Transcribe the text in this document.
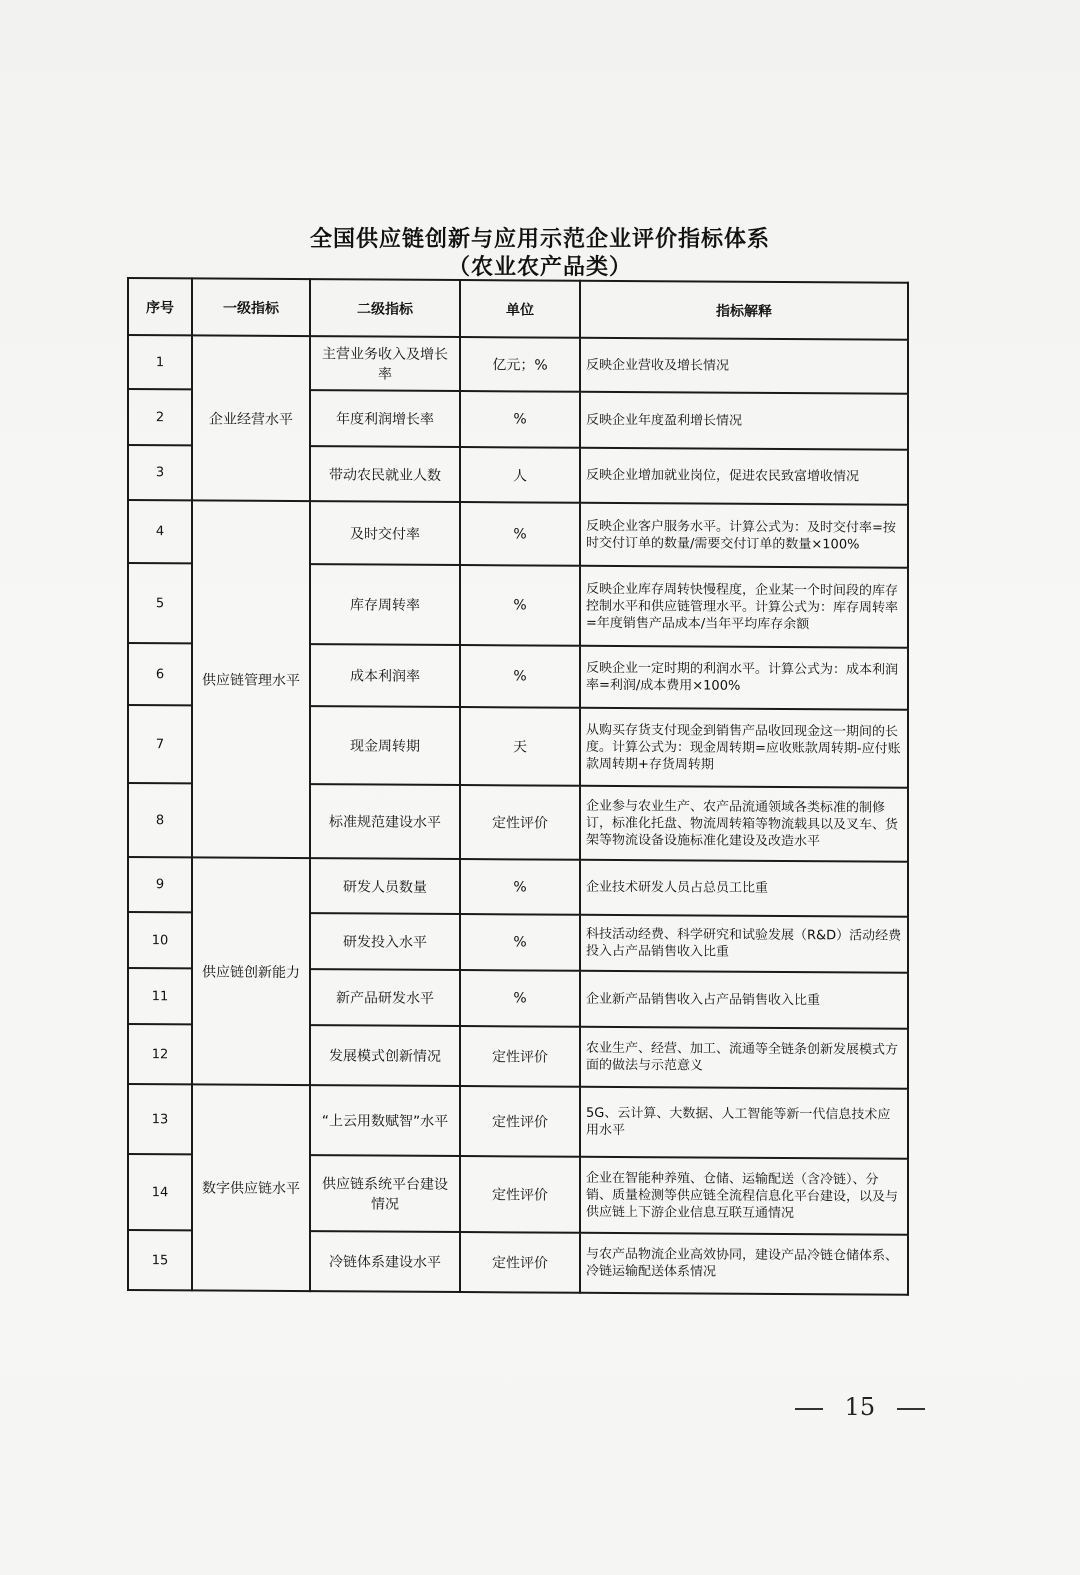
全国供应链创新与应用示范企业评价指标体系
（农业农产品类）
序号	一级指标	二级指标	单位	指标解释
1	企业经营水平	主营业务收入及增长率	亿元；%	反映企业营收及增长情况
2		年度利润增长率	%	反映企业年度盈利增长情况
3		带动农民就业人数	人	反映企业增加就业岗位，促进农民致富增收情况
4	供应链管理水平	及时交付率	%	反映企业客户服务水平。计算公式为：及时交付率=按时交付订单的数量/需要交付订单的数量×100%
5		库存周转率	%	反映企业库存周转快慢程度，企业某一个时间段的库存控制水平和供应链管理水平。计算公式为：库存周转率=年度销售产品成本/当年平均库存余额
6		成本利润率	%	反映企业一定时期的利润水平。计算公式为：成本利润率=利润/成本费用×100%
7		现金周转期	天	从购买存货支付现金到销售产品收回现金这一期间的长度。计算公式为：现金周转期=应收账款周转期-应付账款周转期+存货周转期
8		标准规范建设水平	定性评价	企业参与农业生产、农产品流通领域各类标准的制修订，标准化托盘、物流周转箱等物流载具以及叉车、货架等物流设备设施标准化建设及改造水平
9	供应链创新能力	研发人员数量	%	企业技术研发人员占总员工比重
10		研发投入水平	%	科技活动经费、科学研究和试验发展（R&D）活动经费投入占产品销售收入比重
11		新产品研发水平	%	企业新产品销售收入占产品销售收入比重
12		发展模式创新情况	定性评价	农业生产、经营、加工、流通等全链条创新发展模式方面的做法与示范意义
13	数字供应链水平	“上云用数赋智”水平	定性评价	5G、云计算、大数据、人工智能等新一代信息技术应用水平
14		供应链系统平台建设情况	定性评价	企业在智能种养殖、仓储、运输配送（含冷链）、分销、质量检测等供应链全流程信息化平台建设，以及与供应链上下游企业信息互联互通情况
15		冷链体系建设水平	定性评价	与农产品物流企业高效协同，建设产品冷链仓储体系、冷链运输配送体系情况
15
